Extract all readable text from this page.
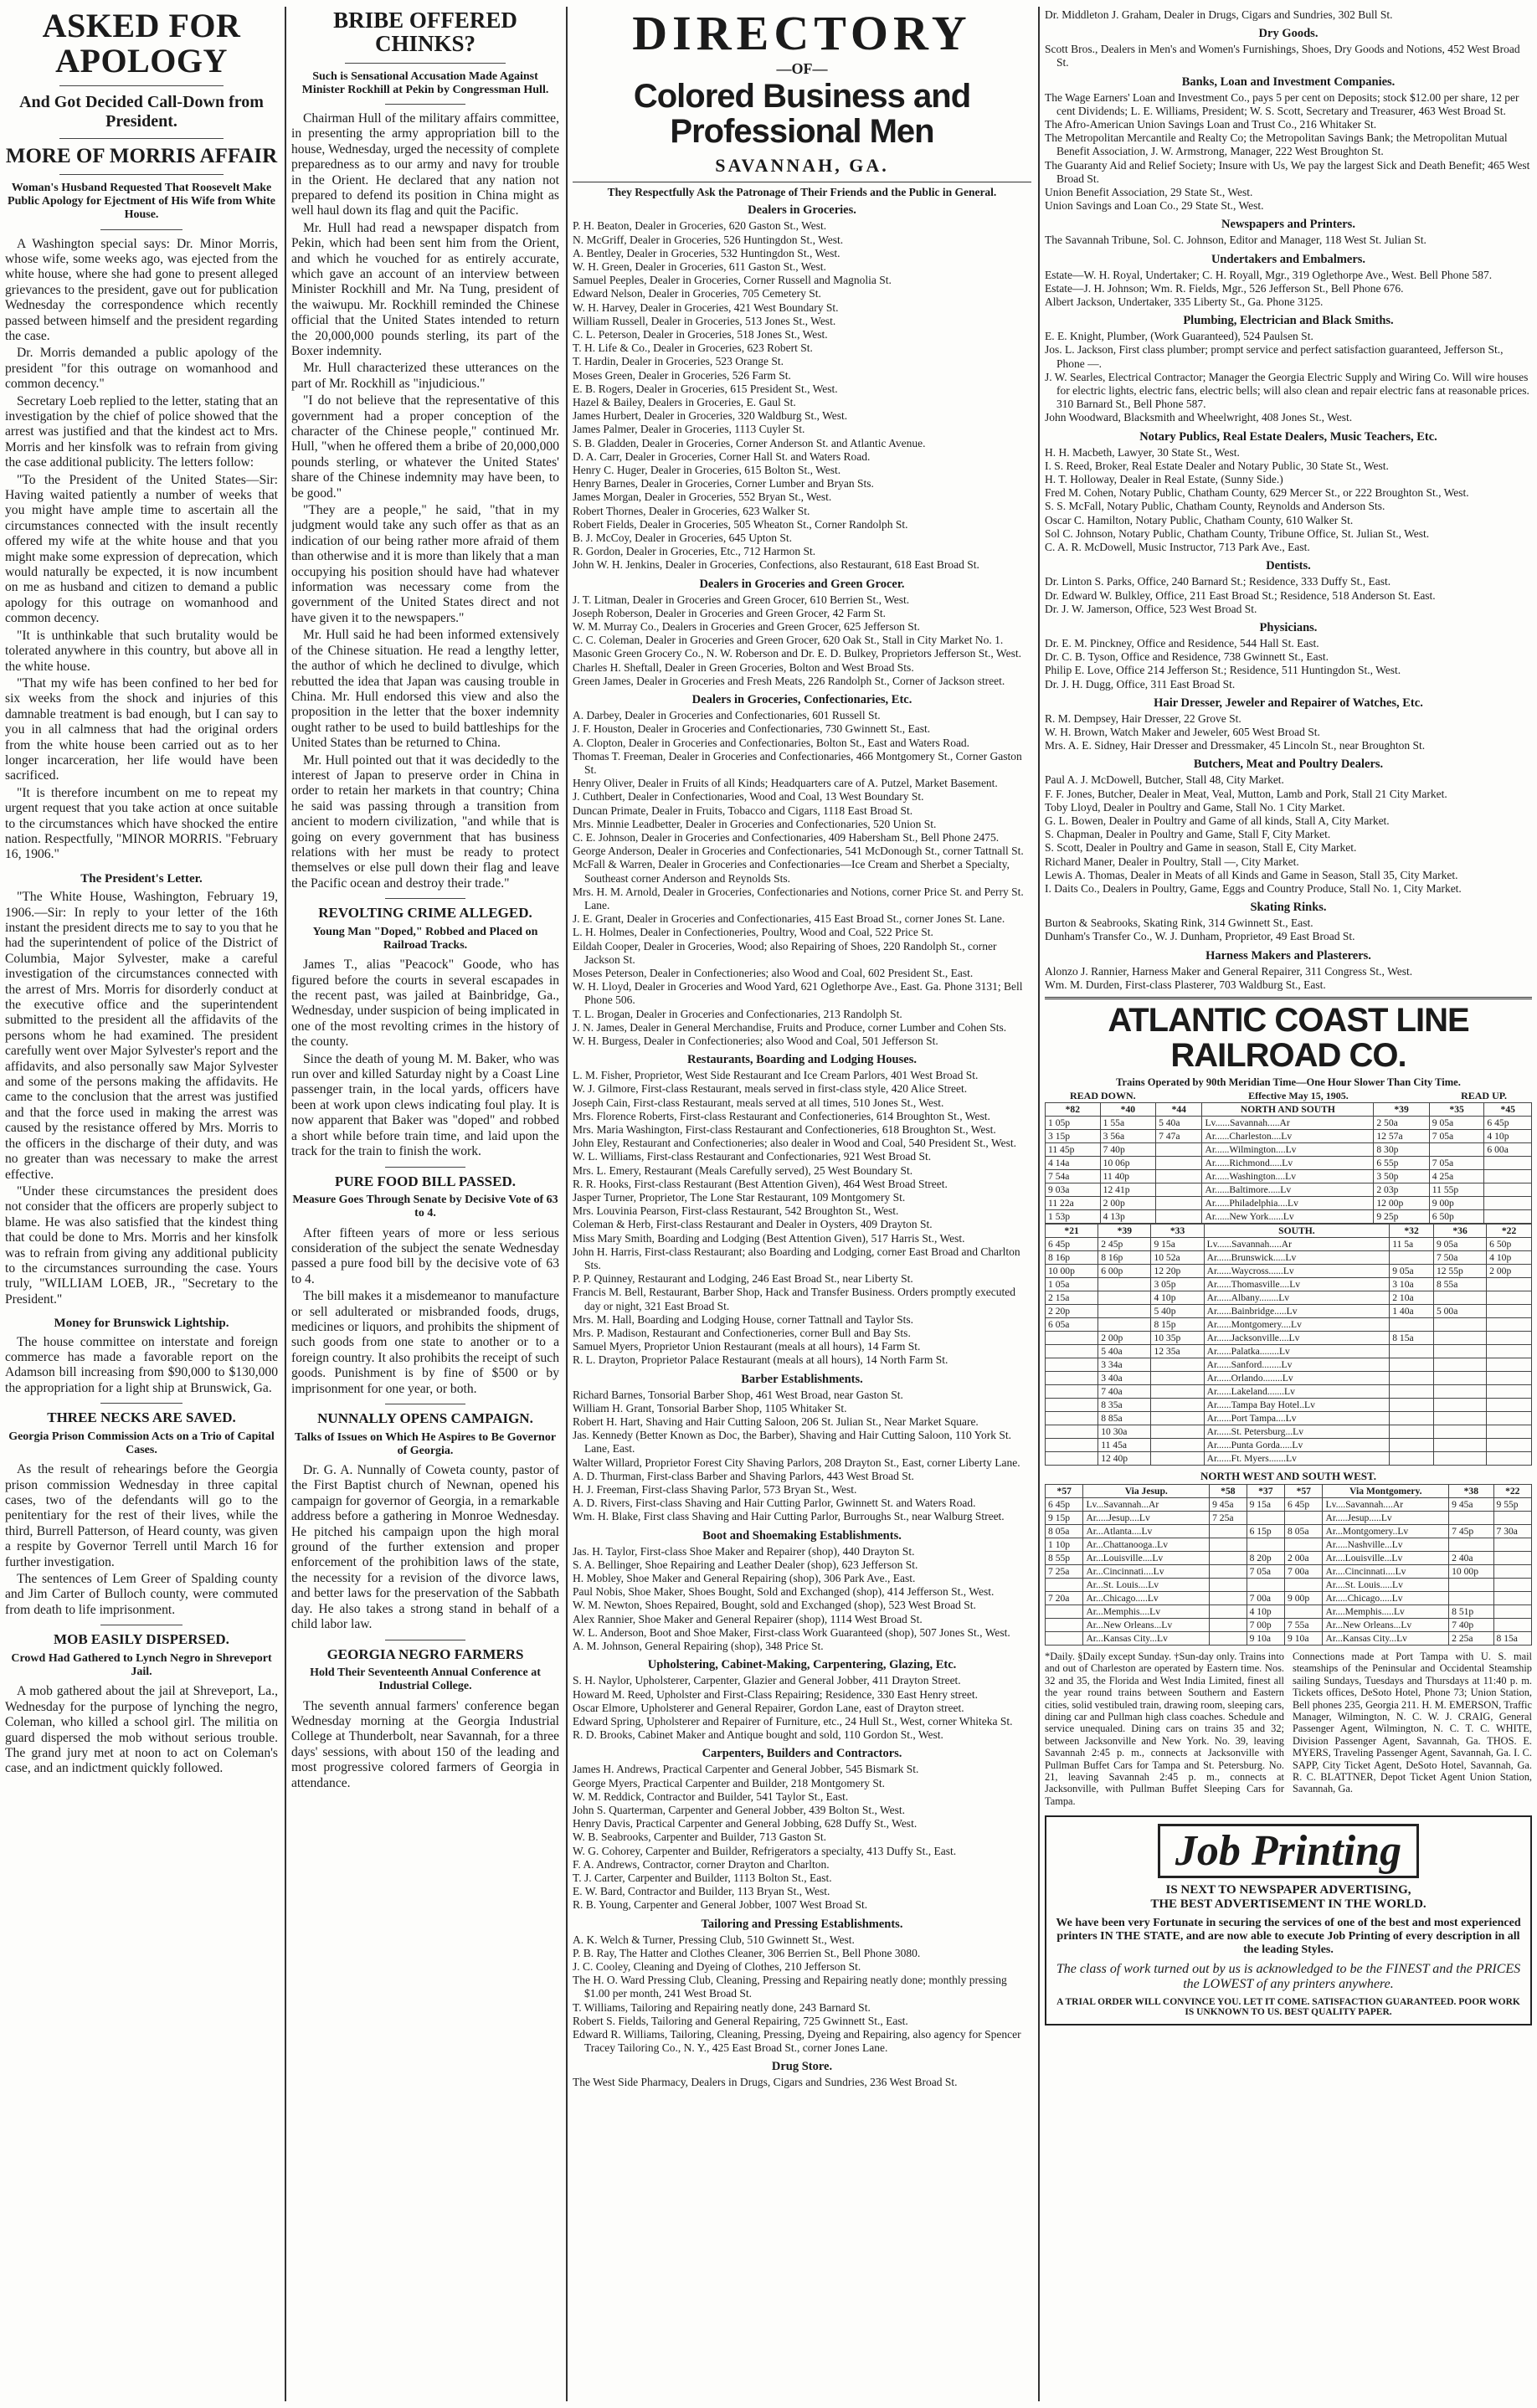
ASKED FOR APOLOGY
And Got Decided Call-Down from President.
MORE OF MORRIS AFFAIR
Woman's Husband Requested That Roosevelt Make Public Apology for Ejectment of His Wife from White House.

A Washington special says: Dr. Minor Morris, whose wife, some weeks ago, was ejected from the white house, where she had gone to present alleged grievances to the president, gave out for publication Wednesday the correspondence which recently passed between himself and the president regarding the case.

Dr. Morris demanded a public apology of the president "for this outrage on womanhood and common decency."

Secretary Loeb replied to the letter, stating that an investigation by the chief of police showed that the arrest was justified and that the kindest act to Mrs. Morris and her kinsfolk was to refrain from giving the case additional publicity. The letters follow:

"To the President of the United States—Sir: Having waited patiently a number of weeks that you might have ample time to ascertain all the circumstances connected with the insult recently offered my wife at the white house and that you might make some expression of deprecation, which would naturally be expected, it is now incumbent on me as husband and citizen to demand a public apology for this outrage on womanhood and common decency.

"It is unthinkable that such brutality would be tolerated anywhere in this country, but above all in the white house.

"That my wife has been confined to her bed for six weeks from the shock and injuries of this damnable treatment is bad enough, but I can say to you in all calmness that had the original orders from the white house been carried out as to her longer incarceration, her life would have been sacrificed.

"It is therefore incumbent on me to repeat my urgent request that you take action at once suitable to the circumstances which have shocked the entire nation. Respectfully, "MINOR MORRIS. "February 16, 1906."

The President's Letter.

"The White House, Washington, February 19, 1906.—Sir: In reply to your letter of the 16th instant the president directs me to say to you that he had the superintendent of police of the District of Columbia, Major Sylvester, make a careful investigation of the circumstances connected with the arrest of Mrs. Morris for disorderly conduct at the executive office and the superintendent submitted to the president all the affidavits of the persons whom he had examined. The president carefully went over Major Sylvester's report and the affidavits, and also personally saw Major Sylvester and some of the persons making the affidavits. He came to the conclusion that the arrest was justified and that the force used in making the arrest was caused by the resistance offered by Mrs. Morris to the officers in the discharge of their duty, and was no greater than was necessary to make the arrest effective.

"Under these circumstances the president does not consider that the officers are properly subject to blame. He was also satisfied that the kindest thing that could be done to Mrs. Morris and her kinsfolk was to refrain from giving any additional publicity to the circumstances surrounding the case. Yours truly, "WILLIAM LOEB, JR., "Secretary to the President."

Money for Brunswick Lightship.

The house committee on interstate and foreign commerce has made a favorable report on the Adamson bill increasing from $90,000 to $130,000 the appropriation for a light ship at Brunswick, Ga.

THREE NECKS ARE SAVED.
Georgia Prison Commission Acts on a Trio of Capital Cases.

As the result of rehearings before the Georgia prison commission Wednesday in three capital cases, two of the defendants will go to the penitentiary for the rest of their lives, while the third, Burrell Patterson, of Heard county, was given a respite by Governor Terrell until March 16 for further investigation.

The sentences of Lem Greer of Spalding county and Jim Carter of Bulloch county, were commuted from death to life imprisonment.

MOB EASILY DISPERSED.
Crowd Had Gathered to Lynch Negro in Shreveport Jail.

A mob gathered about the jail at Shreveport, La., Wednesday for the purpose of lynching the negro, Coleman, who killed a school girl. The militia on guard dispersed the mob without serious trouble. The grand jury met at noon to act on Coleman's case, and an indictment quickly followed.

BRIBE OFFERED CHINKS?
Such is Sensational Accusation Made Against Minister Rockhill at Pekin by Congressman Hull.

Chairman Hull of the military affairs committee, in presenting the army appropriation bill to the house, Wednesday, urged the necessity of complete preparedness as to our army and navy for trouble in the Orient. He declared that any nation not prepared to defend its position in China might as well haul down its flag and quit the Pacific.

Mr. Hull had read a newspaper dispatch from Pekin, which had been sent him from the Orient, and which he vouched for as entirely accurate, which gave an account of an interview between Minister Rockhill and Mr. Na Tung, president of the waiwupu. Mr. Rockhill reminded the Chinese official that the United States intended to return the 20,000,000 pounds sterling, its part of the Boxer indemnity.

Mr. Hull characterized these utterances on the part of Mr. Rockhill as "injudicious."

"I do not believe that the representative of this government had a proper conception of the character of the Chinese people," continued Mr. Hull, "when he offered them a bribe of 20,000,000 pounds sterling, or whatever the United States' share of the Chinese indemnity may have been, to be good."

"They are a people," he said, "that in my judgment would take any such offer as that as an indication of our being rather more afraid of them than otherwise and it is more than likely that a man occupying his position should have had whatever information was necessary come from the government of the United States direct and not have given it to the newspapers."

Mr. Hull said he had been informed extensively of the Chinese situation. He read a lengthy letter, the author of which he declined to divulge, which rebutted the idea that Japan was causing trouble in China. Mr. Hull endorsed this view and also the proposition in the letter that the boxer indemnity ought rather to be used to build battleships for the United States than be returned to China.

Mr. Hull pointed out that it was decidedly to the interest of Japan to preserve order in China in order to retain her markets in that country; China he said was passing through a transition from ancient to modern civilization, "and while that is going on every government that has business relations with her must be ready to protect themselves or else pull down their flag and leave the Pacific ocean and destroy their trade."

REVOLTING CRIME ALLEGED.
Young Man "Doped," Robbed and Placed on Railroad Tracks.

James T., alias "Peacock" Goode, who has figured before the courts in several escapades in the recent past, was jailed at Bainbridge, Ga., Wednesday, under suspicion of being implicated in one of the most revolting crimes in the history of the county.

Since the death of young M. M. Baker, who was run over and killed Saturday night by a Coast Line passenger train, in the local yards, officers have been at work upon clews indicating foul play. It is now apparent that Baker was "doped" and robbed a short while before train time, and laid upon the track for the train to finish the work.

PURE FOOD BILL PASSED.
Measure Goes Through Senate by Decisive Vote of 63 to 4.

After fifteen years of more or less serious consideration of the subject the senate Wednesday passed a pure food bill by the decisive vote of 63 to 4.

The bill makes it a misdemeanor to manufacture or sell adulterated or misbranded foods, drugs, medicines or liquors, and prohibits the shipment of such goods from one state to another or to a foreign country. It also prohibits the receipt of such goods. Punishment is by fine of $500 or by imprisonment for one year, or both.

NUNNALLY OPENS CAMPAIGN.
Talks of Issues on Which He Aspires to Be Governor of Georgia.

Dr. G. A. Nunnally of Coweta county, pastor of the First Baptist church of Newnan, opened his campaign for governor of Georgia, in a remarkable address before a gathering in Monroe Wednesday. He pitched his campaign upon the high moral ground of the further extension and proper enforcement of the prohibition laws of the state, the necessity for a revision of the divorce laws, and better laws for the preservation of the Sabbath day. He also takes a strong stand in behalf of a child labor law.

GEORGIA NEGRO FARMERS
Hold Their Seventeenth Annual Conference at Industrial College.

The seventh annual farmers' conference began Wednesday morning at the Georgia Industrial College at Thunderbolt, near Savannah, for a three days' sessions, with about 150 of the leading and most progressive colored farmers of Georgia in attendance.

DIRECTORY
—OF—
Colored Business and Professional Men
SAVANNAH, GA.
They Respectfully Ask the Patronage of Their Friends and the Public in General.
Dealers in Groceries.

P. H. Beaton, Dealer in Groceries, 620 Gaston St., West.

N. McGriff, Dealer in Groceries, 526 Huntingdon St., West.

A. Bentley, Dealer in Groceries, 532 Huntingdon St., West.

W. H. Green, Dealer in Groceries, 611 Gaston St., West.

Samuel Peeples, Dealer in Groceries, Corner Russell and Magnolia St.

Edward Nelson, Dealer in Groceries, 705 Cemetery St.

W. H. Harvey, Dealer in Groceries, 421 West Boundary St.

William Russell, Dealer in Groceries, 513 Jones St., West.

C. L. Peterson, Dealer in Groceries, 518 Jones St., West.

T. H. Life & Co., Dealer in Groceries, 623 Robert St.

T. Hardin, Dealer in Groceries, 523 Orange St.

Moses Green, Dealer in Groceries, 526 Farm St.

E. B. Rogers, Dealer in Groceries, 615 President St., West.

Hazel & Bailey, Dealers in Groceries, E. Gaul St.

James Hurbert, Dealer in Groceries, 320 Waldburg St., West.

James Palmer, Dealer in Groceries, 1113 Cuyler St.

S. B. Gladden, Dealer in Groceries, Corner Anderson St. and Atlantic Avenue.

D. A. Carr, Dealer in Groceries, Corner Hall St. and Waters Road.

Henry C. Huger, Dealer in Groceries, 615 Bolton St., West.

Henry Barnes, Dealer in Groceries, Corner Lumber and Bryan Sts.

James Morgan, Dealer in Groceries, 552 Bryan St., West.

Robert Thornes, Dealer in Groceries, 623 Walker St.

Robert Fields, Dealer in Groceries, 505 Wheaton St., Corner Randolph St.

B. J. McCoy, Dealer in Groceries, 645 Upton St.

R. Gordon, Dealer in Groceries, Etc., 712 Harmon St.

John W. H. Jenkins, Dealer in Groceries, Confections, also Restaurant, 618 East Broad St.

Dealers in Groceries and Green Grocer.

J. T. Litman, Dealer in Groceries and Green Grocer, 610 Berrien St., West.

Joseph Roberson, Dealer in Groceries and Green Grocer, 42 Farm St.

W. M. Murray Co., Dealers in Groceries and Green Grocer, 625 Jefferson St.

C. C. Coleman, Dealer in Groceries and Green Grocer, 620 Oak St., Stall in City Market No. 1.

Masonic Green Grocery Co., N. W. Roberson and Dr. E. D. Bulkey, Proprietors Jefferson St., West.

Charles H. Sheftall, Dealer in Green Groceries, Bolton and West Broad Sts.

Green James, Dealer in Groceries and Fresh Meats, 226 Randolph St., Corner of Jackson street.

Dealers in Groceries, Confectionaries, Etc.

A. Darbey, Dealer in Groceries and Confectionaries, 601 Russell St.

J. F. Houston, Dealer in Groceries and Confectionaries, 730 Gwinnett St., East.

A. Clopton, Dealer in Groceries and Confectionaries, Bolton St., East and Waters Road.

Thomas T. Freeman, Dealer in Groceries and Confectionaries, 466 Montgomery St., Corner Gaston St.

Henry Oliver, Dealer in Fruits of all Kinds; Headquarters care of A. Putzel, Market Basement.

J. Cuthbert, Dealer in Confectionaries, Wood and Coal, 13 West Boundary St.

Duncan Primate, Dealer in Fruits, Tobacco and Cigars, 1118 East Broad St.

Mrs. Minnie Leadbetter, Dealer in Groceries and Confectionaries, 520 Union St.

C. E. Johnson, Dealer in Groceries and Confectionaries, 409 Habersham St., Bell Phone 2475.

George Anderson, Dealer in Groceries and Confectionaries, 541 McDonough St., corner Tattnall St.

McFall & Warren, Dealer in Groceries and Confectionaries—Ice Cream and Sherbet a Specialty, Southeast corner Anderson and Reynolds Sts.

Mrs. H. M. Arnold, Dealer in Groceries, Confectionaries and Notions, corner Price St. and Perry St. Lane.

J. E. Grant, Dealer in Groceries and Confectionaries, 415 East Broad St., corner Jones St. Lane.

L. H. Holmes, Dealer in Confectioneries, Poultry, Wood and Coal, 522 Price St.

Eildah Cooper, Dealer in Groceries, Wood; also Repairing of Shoes, 220 Randolph St., corner Jackson St.

Moses Peterson, Dealer in Confectioneries; also Wood and Coal, 602 President St., East.

W. H. Lloyd, Dealer in Groceries and Wood Yard, 621 Oglethorpe Ave., East. Ga. Phone 3131; Bell Phone 506.

T. L. Brogan, Dealer in Groceries and Confectionaries, 213 Randolph St.

J. N. James, Dealer in General Merchandise, Fruits and Produce, corner Lumber and Cohen Sts.

W. H. Burgess, Dealer in Confectioneries; also Wood and Coal, 501 Jefferson St.

Restaurants, Boarding and Lodging Houses.

L. M. Fisher, Proprietor, West Side Restaurant and Ice Cream Parlors, 401 West Broad St.

W. J. Gilmore, First-class Restaurant, meals served in first-class style, 420 Alice Street.

Joseph Cain, First-class Restaurant, meals served at all times, 510 Jones St., West.

Mrs. Florence Roberts, First-class Restaurant and Confectioneries, 614 Broughton St., West.

Mrs. Maria Washington, First-class Restaurant and Confectioneries, 618 Broughton St., West.

John Eley, Restaurant and Confectioneries; also dealer in Wood and Coal, 540 President St., West.

W. L. Williams, First-class Restaurant and Confectionaries, 921 West Broad St.

Mrs. L. Emery, Restaurant (Meals Carefully served), 25 West Boundary St.

R. R. Hooks, First-class Restaurant (Best Attention Given), 464 West Broad Street.

Jasper Turner, Proprietor, The Lone Star Restaurant, 109 Montgomery St.

Mrs. Louvinia Pearson, First-class Restaurant, 542 Broughton St., West.

Coleman & Herb, First-class Restaurant and Dealer in Oysters, 409 Drayton St.

Miss Mary Smith, Boarding and Lodging (Best Attention Given), 517 Harris St., West.

John H. Harris, First-class Restaurant; also Boarding and Lodging, corner East Broad and Charlton Sts.

P. P. Quinney, Restaurant and Lodging, 246 East Broad St., near Liberty St.

Francis M. Bell, Restaurant, Barber Shop, Hack and Transfer Business. Orders promptly executed day or night, 321 East Broad St.

Mrs. M. Hall, Boarding and Lodging House, corner Tattnall and Taylor Sts.

Mrs. P. Madison, Restaurant and Confectioneries, corner Bull and Bay Sts.

Samuel Myers, Proprietor Union Restaurant (meals at all hours), 14 Farm St.

R. L. Drayton, Proprietor Palace Restaurant (meals at all hours), 14 North Farm St.

Barber Establishments.

Richard Barnes, Tonsorial Barber Shop, 461 West Broad, near Gaston St.

William H. Grant, Tonsorial Barber Shop, 1105 Whitaker St.

Robert H. Hart, Shaving and Hair Cutting Saloon, 206 St. Julian St., Near Market Square.

Jas. Kennedy (Better Known as Doc, the Barber), Shaving and Hair Cutting Saloon, 110 York St. Lane, East.

Walter Willard, Proprietor Forest City Shaving Parlors, 208 Drayton St., East, corner Liberty Lane.

A. D. Thurman, First-class Barber and Shaving Parlors, 443 West Broad St.

H. J. Freeman, First-class Shaving Parlor, 573 Bryan St., West.

A. D. Rivers, First-class Shaving and Hair Cutting Parlor, Gwinnett St. and Waters Road.

Wm. H. Blake, First class Shaving and Hair Cutting Parlor, Burroughs St., near Walburg Street.

Boot and Shoemaking Establishments.

Jas. H. Taylor, First-class Shoe Maker and Repairer (shop), 440 Drayton St.

S. A. Bellinger, Shoe Repairing and Leather Dealer (shop), 623 Jefferson St.

H. Mobley, Shoe Maker and General Repairing (shop), 306 Park Ave., East.

Paul Nobis, Shoe Maker, Shoes Bought, Sold and Exchanged (shop), 414 Jefferson St., West.

W. M. Newton, Shoes Repaired, Bought, sold and Exchanged (shop), 523 West Broad St.

Alex Rannier, Shoe Maker and General Repairer (shop), 1114 West Broad St.

W. L. Anderson, Boot and Shoe Maker, First-class Work Guaranteed (shop), 507 Jones St., West.

A. M. Johnson, General Repairing (shop), 348 Price St.

Upholstering, Cabinet-Making, Carpentering, Glazing, Etc.

S. H. Naylor, Upholsterer, Carpenter, Glazier and General Jobber, 411 Drayton Street.

Howard M. Reed, Upholster and First-Class Repairing; Residence, 330 East Henry street.

Oscar Elmore, Upholsterer and General Repairer, Gordon Lane, east of Drayton street.

Edward Spring, Upholsterer and Repairer of Furniture, etc., 24 Hull St., West, corner Whiteka St.

R. D. Brooks, Cabinet Maker and Antique bought and sold, 110 Gordon St., West.

Carpenters, Builders and Contractors.

James H. Andrews, Practical Carpenter and General Jobber, 545 Bismark St.

George Myers, Practical Carpenter and Builder, 218 Montgomery St.

W. M. Reddick, Contractor and Builder, 541 Taylor St., East.

John S. Quarterman, Carpenter and General Jobber, 439 Bolton St., West.

Henry Davis, Practical Carpenter and General Jobbing, 628 Duffy St., West.

W. B. Seabrooks, Carpenter and Builder, 713 Gaston St.

W. G. Cohorey, Carpenter and Builder, Refrigerators a specialty, 413 Duffy St., East.

F. A. Andrews, Contractor, corner Drayton and Charlton.

T. J. Carter, Carpenter and Builder, 1113 Bolton St., East.

E. W. Bard, Contractor and Builder, 113 Bryan St., West.

R. B. Young, Carpenter and General Jobber, 1007 West Broad St.

Tailoring and Pressing Establishments.

A. K. Welch & Turner, Pressing Club, 510 Gwinnett St., West.

P. B. Ray, The Hatter and Clothes Cleaner, 306 Berrien St., Bell Phone 3080.

J. C. Cooley, Cleaning and Dyeing of Clothes, 210 Jefferson St.

The H. O. Ward Pressing Club, Cleaning, Pressing and Repairing neatly done; monthly pressing $1.00 per month, 241 West Broad St.

T. Williams, Tailoring and Repairing neatly done, 243 Barnard St.

Robert S. Fields, Tailoring and General Repairing, 725 Gwinnett St., East.

Edward R. Williams, Tailoring, Cleaning, Pressing, Dyeing and Repairing, also agency for Spencer Tracey Tailoring Co., N. Y., 425 East Broad St., corner Jones Lane.

Drug Store.

The West Side Pharmacy, Dealers in Drugs, Cigars and Sundries, 236 West Broad St.

Dr. Middleton J. Graham, Dealer in Drugs, Cigars and Sundries, 302 Bull St.

Dry Goods.

Scott Bros., Dealers in Men's and Women's Furnishings, Shoes, Dry Goods and Notions, 452 West Broad St.

Banks, Loan and Investment Companies.

The Wage Earners' Loan and Investment Co., pays 5 per cent on Deposits; stock $12.00 per share, 12 per cent Dividends; L. E. Williams, President; W. S. Scott, Secretary and Treasurer, 463 West Broad St.

The Afro-American Union Savings Loan and Trust Co., 216 Whitaker St.

The Metropolitan Mercantile and Realty Co; the Metropolitan Savings Bank; the Metropolitan Mutual Benefit Association, J. W. Armstrong, Manager, 222 West Broughton St.

The Guaranty Aid and Relief Society; Insure with Us, We pay the largest Sick and Death Benefit; 465 West Broad St.

Union Benefit Association, 29 State St., West.

Union Savings and Loan Co., 29 State St., West.

Newspapers and Printers.

The Savannah Tribune, Sol. C. Johnson, Editor and Manager, 118 West St. Julian St.

Undertakers and Embalmers.

Estate—W. H. Royal, Undertaker; C. H. Royall, Mgr., 319 Oglethorpe Ave., West. Bell Phone 587.

Estate—J. H. Johnson; Wm. R. Fields, Mgr., 526 Jefferson St., Bell Phone 676.

Albert Jackson, Undertaker, 335 Liberty St., Ga. Phone 3125.

Plumbing, Electrician and Black Smiths.

E. E. Knight, Plumber, (Work Guaranteed), 524 Paulsen St.

Jos. L. Jackson, First class plumber; prompt service and perfect satisfaction guaranteed, Jefferson St., Phone —.

J. W. Searles, Electrical Contractor; Manager the Georgia Electric Supply and Wiring Co. Will wire houses for electric lights, electric fans, electric bells; will also clean and repair electric fans at reasonable prices. 310 Barnard St., Bell Phone 587.

John Woodward, Blacksmith and Wheelwright, 408 Jones St., West.

Notary Publics, Real Estate Dealers, Music Teachers, Etc.

H. H. Macbeth, Lawyer, 30 State St., West.

I. S. Reed, Broker, Real Estate Dealer and Notary Public, 30 State St., West.

H. T. Holloway, Dealer in Real Estate, (Sunny Side.)

Fred M. Cohen, Notary Public, Chatham County, 629 Mercer St., or 222 Broughton St., West.

S. S. McFall, Notary Public, Chatham County, Reynolds and Anderson Sts.

Oscar C. Hamilton, Notary Public, Chatham County, 610 Walker St.

Sol C. Johnson, Notary Public, Chatham County, Tribune Office, St. Julian St., West.

C. A. R. McDowell, Music Instructor, 713 Park Ave., East.

Dentists.

Dr. Linton S. Parks, Office, 240 Barnard St.; Residence, 333 Duffy St., East.

Dr. Edward W. Bulkley, Office, 211 East Broad St.; Residence, 518 Anderson St. East.

Dr. J. W. Jamerson, Office, 523 West Broad St.

Physicians.

Dr. E. M. Pinckney, Office and Residence, 544 Hall St. East.

Dr. C. B. Tyson, Office and Residence, 738 Gwinnett St., East.

Philip E. Love, Office 214 Jefferson St.; Residence, 511 Huntingdon St., West.

Dr. J. H. Dugg, Office, 311 East Broad St.

Hair Dresser, Jeweler and Repairer of Watches, Etc.

R. M. Dempsey, Hair Dresser, 22 Grove St.

W. H. Brown, Watch Maker and Jeweler, 605 West Broad St.

Mrs. A. E. Sidney, Hair Dresser and Dressmaker, 45 Lincoln St., near Broughton St.

Butchers, Meat and Poultry Dealers.

Paul A. J. McDowell, Butcher, Stall 48, City Market.

F. F. Jones, Butcher, Dealer in Meat, Veal, Mutton, Lamb and Pork, Stall 21 City Market.

Toby Lloyd, Dealer in Poultry and Game, Stall No. 1 City Market.

G. L. Bowen, Dealer in Poultry and Game of all kinds, Stall A, City Market.

S. Chapman, Dealer in Poultry and Game, Stall F, City Market.

S. Scott, Dealer in Poultry and Game in season, Stall E, City Market.

Richard Maner, Dealer in Poultry, Stall —, City Market.

Lewis A. Thomas, Dealer in Meats of all Kinds and Game in Season, Stall 35, City Market.

I. Daits Co., Dealers in Poultry, Game, Eggs and Country Produce, Stall No. 1, City Market.

Skating Rinks.

Burton & Seabrooks, Skating Rink, 314 Gwinnett St., East.

Dunham's Transfer Co., W. J. Dunham, Proprietor, 49 East Broad St.

Harness Makers and Plasterers.

Alonzo J. Rannier, Harness Maker and General Repairer, 311 Congress St., West.

Wm. M. Durden, First-class Plasterer, 703 Waldburg St., East.

ATLANTIC COAST LINE RAILROAD CO.
Trains Operated by 90th Meridian Time—One Hour Slower Than City Time.
READ DOWN.	Effective May 15, 1905.	READ UP.
*82	*40	*44	NORTH AND SOUTH	*39	*35	*45
1 05p	1 55a	5 40a	Lv......Savannah.....Ar	2 50a	9 05a	6 45p
3 15p	3 56a	7 47a	Ar......Charleston....Lv	12 57a	7 05a	4 10p
11 45p	7 40p		Ar......Wilmington....Lv	8 30p		6 00a
4 14a	10 06p		Ar......Richmond.....Lv	6 55p	7 05a	
7 54a	11 40p		Ar......Washington....Lv	3 50p	4 25a	
9 03a	12 41p		Ar......Baltimore.....Lv	2 03p	11 55p	
11 22a	2 00p		Ar......Philadelphia....Lv	12 00p	9 00p	
1 53p	4 13p		Ar......New York......Lv	9 25p	6 50p	
*21	*39	*33	SOUTH.	*32	*36	*22
6 45p	2 45p	9 15a	Lv......Savannah.....Ar	11 5a	9 05a	6 50p
8 16p	8 16p	10 52a	Ar......Brunswick.....Lv		7 50a	4 10p
10 00p	6 00p	12 20p	Ar......Waycross......Lv	9 05a	12 55p	2 00p
1 05a		3 05p	Ar......Thomasville....Lv	3 10a	8 55a	
2 15a		4 10p	Ar......Albany........Lv	2 10a		
2 20p		5 40p	Ar......Bainbridge.....Lv	1 40a	5 00a	
6 05a		8 15p	Ar......Montgomery....Lv			
	2 00p	10 35p	Ar......Jacksonville....Lv	8 15a		
	5 40a	12 35a	Ar......Palatka........Lv			
	3 34a		Ar......Sanford........Lv			
	3 40a		Ar......Orlando........Lv			
	7 40a		Ar......Lakeland.......Lv			
	8 35a		Ar......Tampa Bay Hotel..Lv			
	8 85a		Ar......Port Tampa....Lv			
	10 30a		Ar......St. Petersburg...Lv			
	11 45a		Ar......Punta Gorda.....Lv			
	12 40p		Ar......Ft. Myers.......Lv			
NORTH WEST AND SOUTH WEST.
*57	Via Jesup.	*58	*37	*57	Via Montgomery.	*38	*22
6 45p	Lv...Savannah...Ar	9 45a	9 15a	6 45p	Lv....Savannah....Ar	9 45a	9 55p
9 15p	Ar.....Jesup....Lv	7 25a			Ar.....Jesup.....Lv		
8 05a	Ar...Atlanta....Lv		6 15p	8 05a	Ar...Montgomery..Lv	7 45p	7 30a
1 10p	Ar...Chattanooga..Lv				Ar.....Nashville...Lv		
8 55p	Ar...Louisville....Lv		8 20p	2 00a	Ar....Louisville...Lv	2 40a	
7 25a	Ar...Cincinnati....Lv		7 05a	7 00a	Ar....Cincinnati....Lv	10 00p	
	Ar...St. Louis....Lv				Ar....St. Louis.....Lv		
7 20a	Ar...Chicago.....Lv		7 00a	9 00p	Ar.....Chicago.....Lv		
	Ar...Memphis....Lv		4 10p		Ar....Memphis.....Lv	8 51p	
	Ar...New Orleans...Lv		7 00p	7 55a	Ar...New Orleans...Lv	7 40p	
	Ar...Kansas City...Lv		9 10a	9 10a	Ar...Kansas City...Lv	2 25a	8 15a
*Daily. §Daily except Sunday. †Sun-day only. Trains into and out of Charleston are operated by Eastern time. Nos. 32 and 35, the Florida and West India Limited, finest all the year round trains between Southern and Eastern cities, solid vestibuled train, drawing room, sleeping cars, dining car and Pullman high class coaches. Schedule and service unequaled. Dining cars on trains 35 and 32; between Jacksonville and New York. No. 39, leaving Savannah 2:45 p. m., connects at Jacksonville with Pullman Buffet Cars for Tampa and St. Petersburg. No. 21, leaving Savannah 2:45 p. m., connects at Jacksonville, with Pullman Buffet Sleeping Cars for Tampa.
Connections made at Port Tampa with U. S. mail steamships of the Peninsular and Occidental Steamship sailing Sundays, Tuesdays and Thursdays at 11:40 p. m. Tickets offices, DeSoto Hotel, Phone 73; Union Station, Bell phones 235, Georgia 211. H. M. EMERSON, Traffic Manager, Wilmington, N. C. W. J. CRAIG, General Passenger Agent, Wilmington, N. C. T. C. WHITE, Division Passenger Agent, Savannah, Ga. THOS. E. MYERS, Traveling Passenger Agent, Savannah, Ga. I. C. SAPP, City Ticket Agent, DeSoto Hotel, Savannah, Ga. R. C. BLATTNER, Depot Ticket Agent Union Station, Savannah, Ga.
Job Printing
IS NEXT TO NEWSPAPER ADVERTISING,
THE BEST ADVERTISEMENT IN THE WORLD.
We have been very Fortunate in securing the services of one of the best and most experienced printers IN THE STATE, and are now able to execute Job Printing of every description in all the leading Styles.
The class of work turned out by us is acknowledged to be the FINEST and the PRICES the LOWEST of any printers anywhere.
A TRIAL ORDER WILL CONVINCE YOU. LET IT COME. SATISFACTION GUARANTEED. POOR WORK IS UNKNOWN TO US. BEST QUALITY PAPER.
